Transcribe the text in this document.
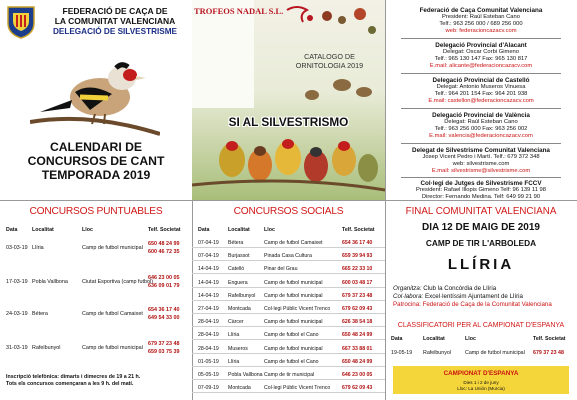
FEDERACIÓ DE CAÇA DE
LA COMUNITAT VALENCIANA
DELEGACIÓ DE SILVESTRISME
CALENDARI DE
CONCURSOS DE CANT
TEMPORADA 2019
TROFEOS NADAL S.L.
CATALOGO DE
ORNITOLOGIA 2019
SI AL SILVESTRISMO
Federació de Caça Comunitat Valenciana
President: Raúl Esteban Cano
Telf.: 963 256 000 / 689 256 000
web: federacioncazacv.com
Delegació Provincial d'Alacant
Delegat: Oscar Corbi Gimeno
Telf.: 965 130 147 Fax: 965 130 817
E.mail: alicante@federacioncazacv.com
Delegació Provincial de Castelló
Delegat: Antonio Museros Vinuesa
Telf.: 964 201 154 Fax: 964 201 938
E.mail: castellon@federacioncazacv.com
Delegació Provincial de València
Delegat: Raúl Esteban Cano
Telf.: 963 256 000 Fax: 963 256 002
E.mail: valencia@federacioncazacv.com
Delegat de Silvestrisme Comunitat Valenciana
Josep Vicent Pedro i Martí. Telf.: 679 372 348
web: silvestrisme.com
E.mail: silvestrisme@silvestrisme.com
Col·legi de Jutges de Silvestrisme FCCV
President: Rafael Illopis Gimeno Telf: 96 139 11 98
Director: Fernando Medina. Telf: 649 99 21 90
CONCURSOS PUNTUABLES
Data	Localitat	Lloc	Telf. Societat
03-03-19 Llíria	Camp de futbol municipal
650 48 24 99
600 46 72 35
17-03-19 Pobla Vallbona	Ciutat Esportiva (camp futbol)
646 23 00 05
636 09 01 79
24-03-19 Bétera	Camp de futbol Camaixet
654 36 17 40
649 54 33 00
31-03-19 Rafelbunyol	Camp de futbol municipal
679 37 23 48
659 03 75 39
Inscripció telefònica: dimarts i dimecres de 19 a 21 h.
Tots els concursos començaran a les 9 h. del matí.
CONCURSOS SOCIALS
Data	Localitat	Lloc	Telf. Societat
07-04-19 Bétera	Camp de futbol Camaixet	654 36 17 40
07-04-19 Burjassot	Pinada Casa Cultura	659 39 94 93
14-04-19 Catelló	Pinar del Grau	665 22 33 10
14-04-19 Enguera	Camp de futbol municipal	600 03 48 17
14-04-19 Rafelbunyol Camp de futbol municipal	679 37 23 48
27-04-19 Montcada	Col·legi Públic Vicent Trenco 679 62 09 43
28-04-19 Càrcer	Camp de futbol municipal	626 38 54 18
28-04-19 Llíria	Camp de futbol el Cano	650 48 24 99
28-04-19 Museros	Camp de futbol municipal	667 33 88 01
01-05-19 Llíria	Camp de futbol el Cano	650 48 24 99
05-05-19 Pobla Vallbona Camp de tir municipal	646 23 00 05
07-09-19 Montcada	Col·legi Públic Vicent Trenco 679 62 09 43
FINAL COMUNITAT VALENCIANA
DIA 12 DE MAIG DE 2019
CAMP DE TIR L'ARBOLEDA
LLÍRIA
Organitza: Club la Concòrdia de Llíria
Col·labora: Excel·lentíssim Ajuntament de Llíria
Patrocina: Federació de Caça de la Comunitat Valenciana
CLASSIFICATORI PER AL CAMPIONAT D'ESPANYA
Data	Localitat	Lloc	Telf. Societat
19-05-19 Rafelbunyol	Camp de futbol municipal 679 37 23 48
CAMPIONAT D'ESPANYA
Dies 1 i 2 de juny
Lloc: La Unión (Murcia)
